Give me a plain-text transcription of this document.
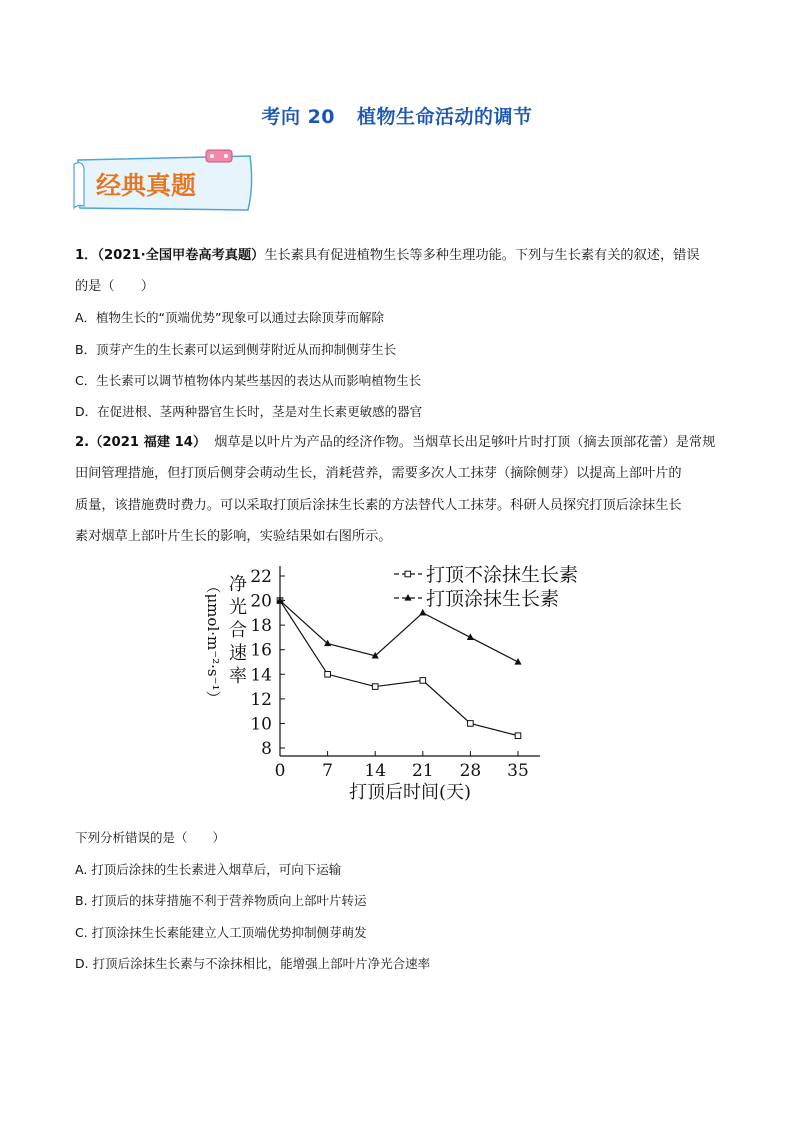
考向 20 植物生命活动的调节
经典真题
1．（2021·全国甲卷高考真题）生长素具有促进植物生长等多种生理功能。下列与生长素有关的叙述，错误
的是（　　）
A．植物生长的“顶端优势”现象可以通过去除顶芽而解除
B．顶芽产生的生长素可以运到侧芽附近从而抑制侧芽生长
C．生长素可以调节植物体内某些基因的表达从而影响植物生长
D．在促进根、茎两种器官生长时，茎是对生长素更敏感的器官
2.（2021 福建 14） 烟草是以叶片为产品的经济作物。当烟草长出足够叶片时打顶（摘去顶部花蕾）是常规
田间管理措施，但打顶后侧芽会萌动生长，消耗营养，需要多次人工抹芽（摘除侧芽）以提高上部叶片的
质量，该措施费时费力。可以采取打顶后涂抹生长素的方法替代人工抹芽。科研人员探究打顶后涂抹生长
素对烟草上部叶片生长的影响，实验结果如右图所示。
8
10
12
14
16
18
20
22
0 7 14 21 28 35
打顶后时间(天)
净
光
合
速
率
（μmol·m⁻²·s⁻¹）
打顶不涂抹生长素
打顶涂抹生长素
下列分析错误的是（　　）
A. 打顶后涂抹的生长素进入烟草后，可向下运输
B. 打顶后的抹芽措施不利于营养物质向上部叶片转运
C. 打顶涂抹生长素能建立人工顶端优势抑制侧芽萌发
D. 打顶后涂抹生长素与不涂抹相比，能增强上部叶片净光合速率
